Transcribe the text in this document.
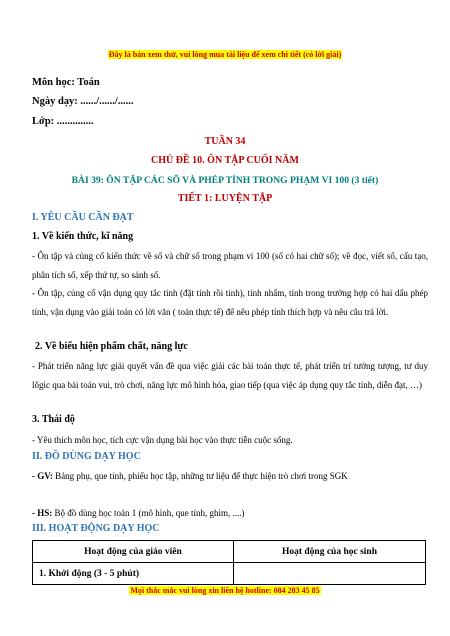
Đây là bản xem thử, vui lòng mua tài liệu để xem chi tiết (có lời giải)
Môn học: Toán
Ngày dạy: ....../....../......
Lớp: ..............
TUẦN 34
CHỦ ĐỀ 10. ÔN TẬP CUỐI NĂM
BÀI 39: ÔN TẬP CÁC SỐ VÀ PHÉP TÍNH TRONG PHẠM VI 100 (3 tiết)
TIẾT 1: LUYỆN TẬP
I. YÊU CẦU CẦN ĐẠT
1. Về kiến thức, kĩ năng
- Ôn tập và củng cố kiến thức về số và chữ số trong phạm vi 100 (số có hai chữ số); về đọc, viết số, cấu tạo, phân tích số, xếp thứ tự, so sánh số.
- Ôn tập, củng cố vận dụng quy tắc tính (đặt tính rồi tính), tính nhẩm, tính trong trường hợp có hai dấu phép tính, vận dụng vào giải toán có lời văn ( toán thực tế) để nêu phép tính thích hợp và nêu câu trả lời.
2. Về biểu hiện phẩm chất, năng lực
- Phát triển năng lực giải quyết vấn đề qua việc giải các bài toán thực tế, phát triển trí tưởng tượng, tư duy lôgic qua bài toán vui, trò chơi, năng lực mô hình hóa, giao tiếp (qua việc áp dụng quy tắc tính, diễn đạt, …)
3. Thái độ
- Yêu thích môn học, tích cực vận dụng bài học vào thực tiễn cuộc sống.
II. ĐỒ DÙNG DẠY HỌC
- GV: Bảng phụ, que tính, phiếu học tập, những tư liệu để thực hiện trò chơi trong SGK
- HS: Bộ đồ dùng học toán 1 (mô hình, que tính, ghim, ....)
III. HOẠT ĐỘNG DẠY HỌC
Hoạt động của giáo viên	Hoạt động của học sinh
1. Khởi động (3 - 5 phút)	
Mọi thắc mắc vui lòng xin liên hệ hotline: 084 283 45 85
